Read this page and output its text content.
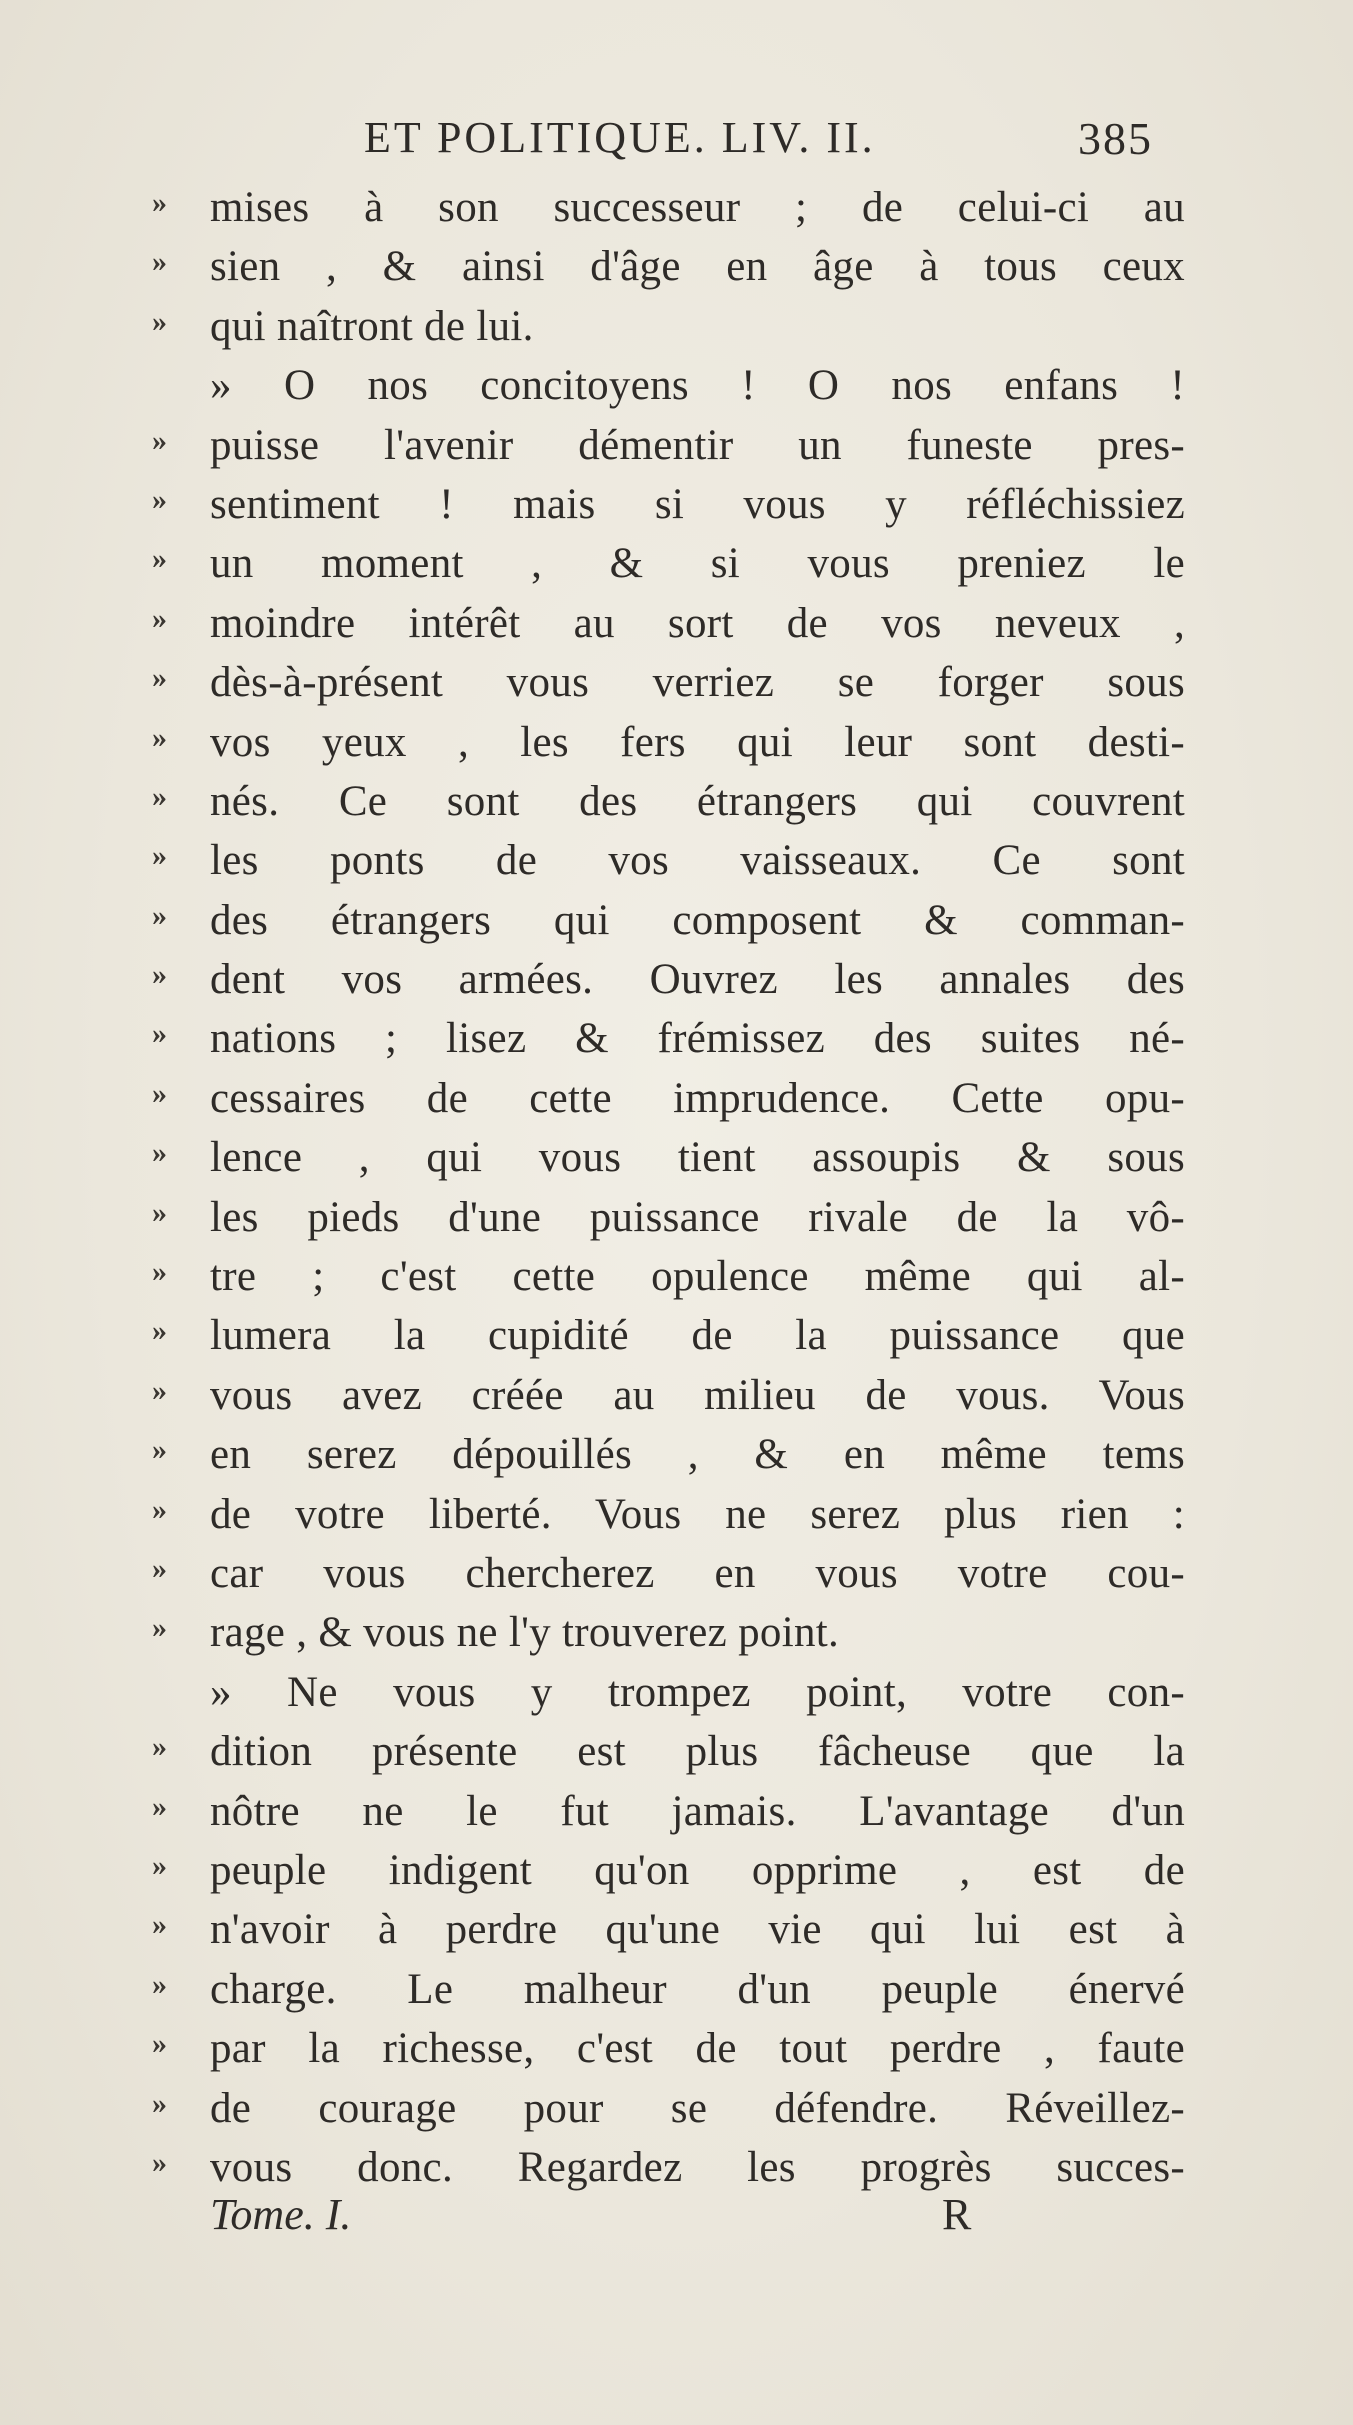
ET POLITIQUE. LIV. II.	385
» mises à son successeur ; de celui-ci au
» sien , & ainsi d'âge en âge à tous ceux
» qui naîtront de lui.
» O nos concitoyens ! O nos enfans !
» puisse l'avenir démentir un funeste pres-
» sentiment ! mais si vous y réfléchissiez
» un moment , & si vous preniez le
» moindre intérêt au sort de vos neveux ,
» dès-à-présent vous verriez se forger sous
» vos yeux , les fers qui leur sont desti-
» nés. Ce sont des étrangers qui couvrent
» les ponts de vos vaisseaux. Ce sont
» des étrangers qui composent & comman-
» dent vos armées. Ouvrez les annales des
» nations ; lisez & frémissez des suites né-
» cessaires de cette imprudence. Cette opu-
» lence , qui vous tient assoupis & sous
» les pieds d'une puissance rivale de la vô-
» tre ; c'est cette opulence même qui al-
» lumera la cupidité de la puissance que
» vous avez créée au milieu de vous. Vous
» en serez dépouillés , & en même tems
» de votre liberté. Vous ne serez plus rien :
» car vous chercherez en vous votre cou-
» rage , & vous ne l'y trouverez point.
» Ne vous y trompez point, votre con-
» dition présente est plus fâcheuse que la
» nôtre ne le fut jamais. L'avantage d'un
» peuple indigent qu'on opprime , est de
» n'avoir à perdre qu'une vie qui lui est à
» charge. Le malheur d'un peuple énervé
» par la richesse, c'est de tout perdre , faute
» de courage pour se défendre. Réveillez-
» vous donc. Regardez les progrès succes-
Tome. I.	R
